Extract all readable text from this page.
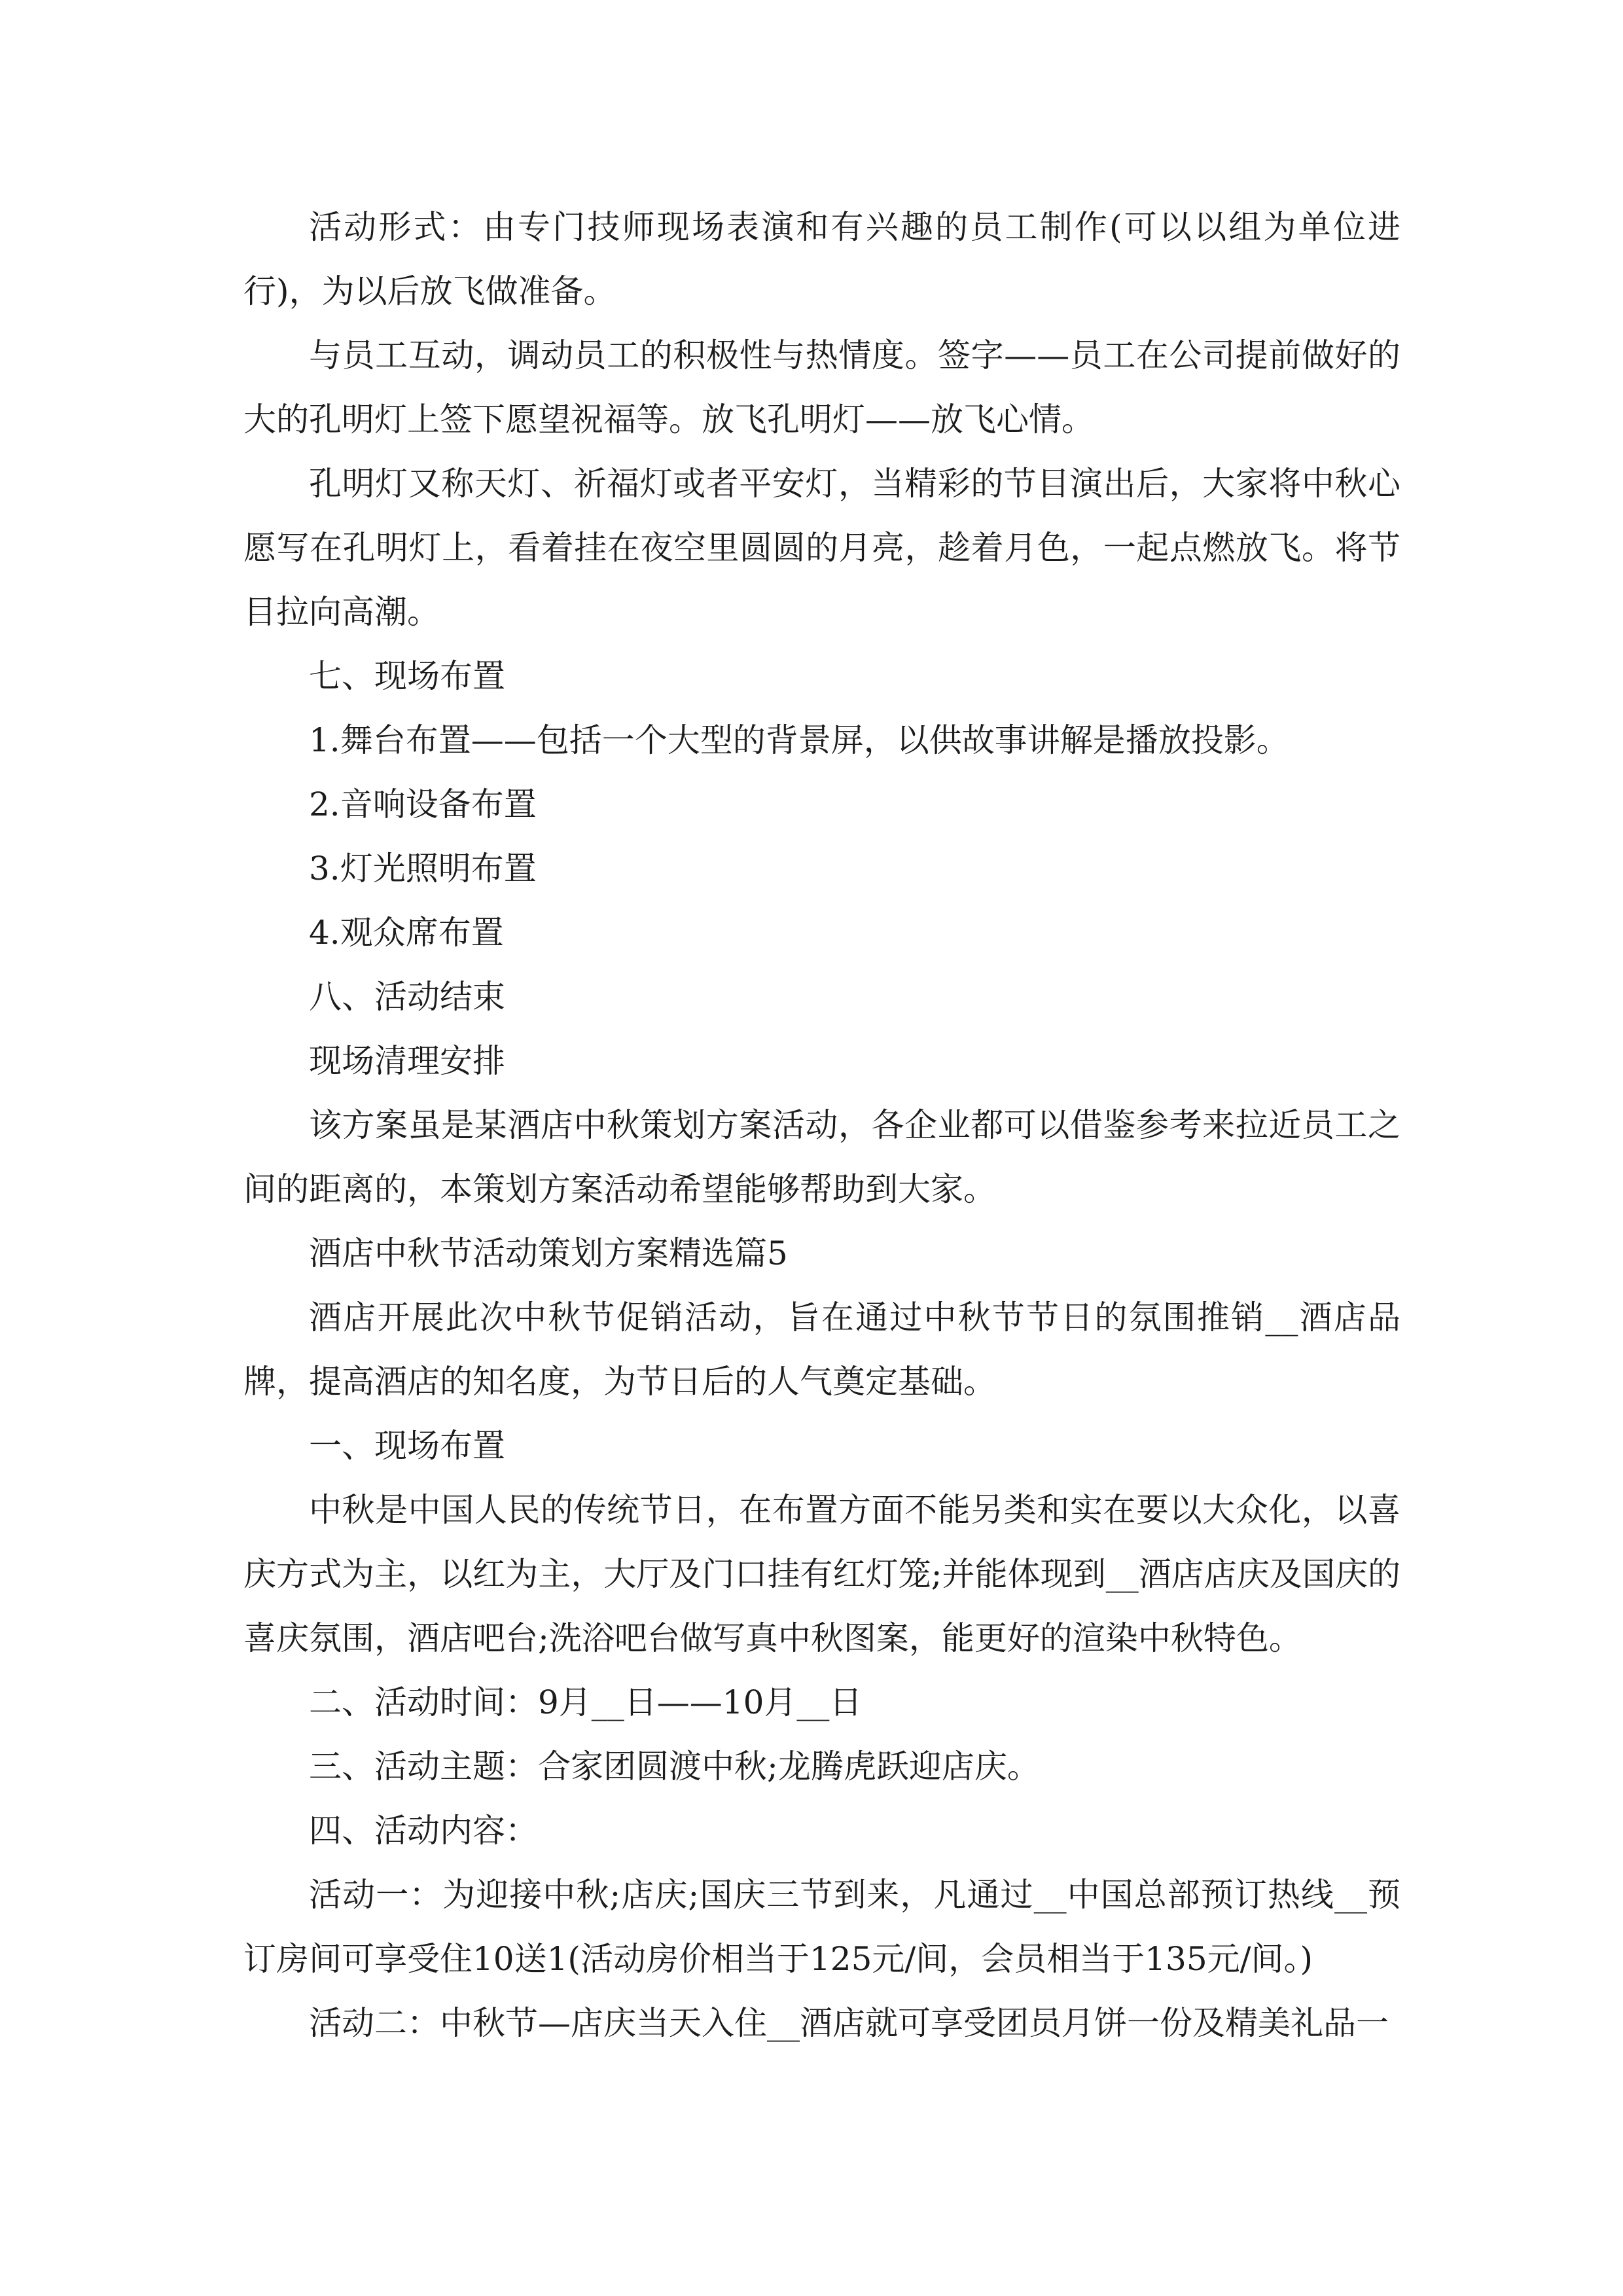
活动形式：由专门技师现场表演和有兴趣的员工制作(可以以组为单位进行)，为以后放飞做准备。

与员工互动，调动员工的积极性与热情度。签字——员工在公司提前做好的大的孔明灯上签下愿望祝福等。放飞孔明灯——放飞心情。

孔明灯又称天灯、祈福灯或者平安灯，当精彩的节目演出后，大家将中秋心愿写在孔明灯上，看着挂在夜空里圆圆的月亮，趁着月色，一起点燃放飞。将节目拉向高潮。

七、现场布置

1.舞台布置——包括一个大型的背景屏，以供故事讲解是播放投影。

2.音响设备布置

3.灯光照明布置

4.观众席布置

八、活动结束

现场清理安排

该方案虽是某酒店中秋策划方案活动，各企业都可以借鉴参考来拉近员工之间的距离的，本策划方案活动希望能够帮助到大家。

酒店中秋节活动策划方案精选篇5

酒店开展此次中秋节促销活动，旨在通过中秋节节日的氛围推销__酒店品牌，提高酒店的知名度，为节日后的人气奠定基础。

一、现场布置

中秋是中国人民的传统节日，在布置方面不能另类和实在要以大众化，以喜庆方式为主，以红为主，大厅及门口挂有红灯笼;并能体现到__酒店店庆及国庆的喜庆氛围，酒店吧台;洗浴吧台做写真中秋图案，能更好的渲染中秋特色。

二、活动时间：9月__日——10月__日

三、活动主题：合家团圆渡中秋;龙腾虎跃迎店庆。

四、活动内容：

活动一：为迎接中秋;店庆;国庆三节到来，凡通过__中国总部预订热线__预订房间可享受住10送1(活动房价相当于125元/间，会员相当于135元/间。)

活动二：中秋节—店庆当天入住__酒店就可享受团员月饼一份及精美礼品一
